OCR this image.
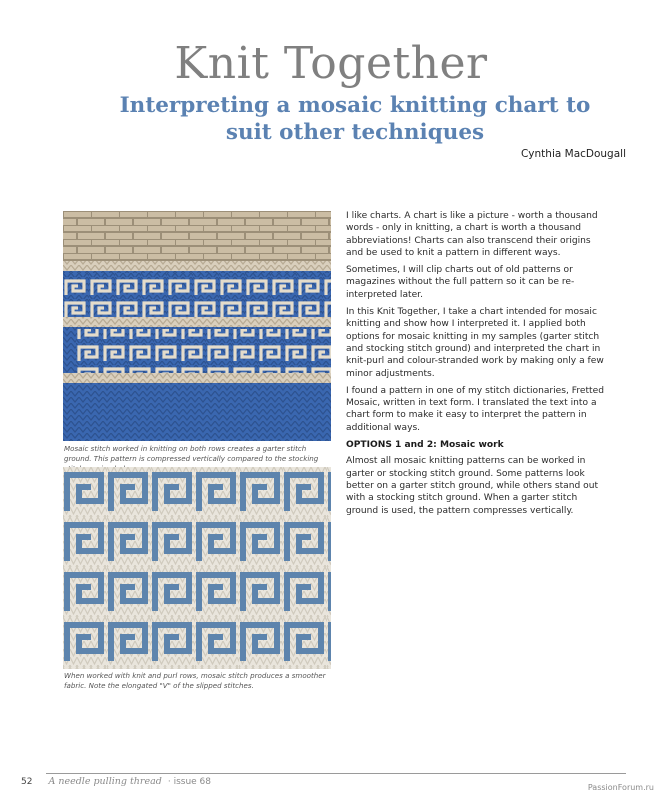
Knit Together
Interpreting a mosaic knitting chart to suit other techniques
Cynthia MacDougall
Mosaic stitch worked in knitting on both rows creates a garter stitch ground. This pattern is compressed vertically compared to the stocking
When worked with knit and purl rows, mosaic stitch produces a smoother fabric. Note the elongated "V" of the slipped stitches.

I like charts. A chart is like a picture - worth a thousand words - only in knitting, a chart is worth a thousand abbreviations! Charts can also transcend their origins and be used to knit a pattern in different ways.

Sometimes, I will clip charts out of old patterns or magazines without the full pattern so it can be re-interpreted later.

In this Knit Together, I take a chart intended for mosaic knitting and show how I interpreted it. I applied both options for mosaic knitting in my samples (garter stitch and stocking stitch ground) and interpreted the chart in knit-purl and colour-stranded work by making only a few minor adjustments.

I found a pattern in one of my stitch dictionaries, Fretted Mosaic, written in text form. I translated the text into a chart form to make it easy to interpret the pattern in additional ways.

OPTIONS 1 and 2: Mosaic work

Almost all mosaic knitting patterns can be worked in garter or stocking stitch ground. Some patterns look better on a garter stitch ground, while others stand out with a stocking stitch ground. When a garter stitch ground is used, the pattern compresses vertically.

52 A needle pulling thread · issue 68
PassionForum.ru
